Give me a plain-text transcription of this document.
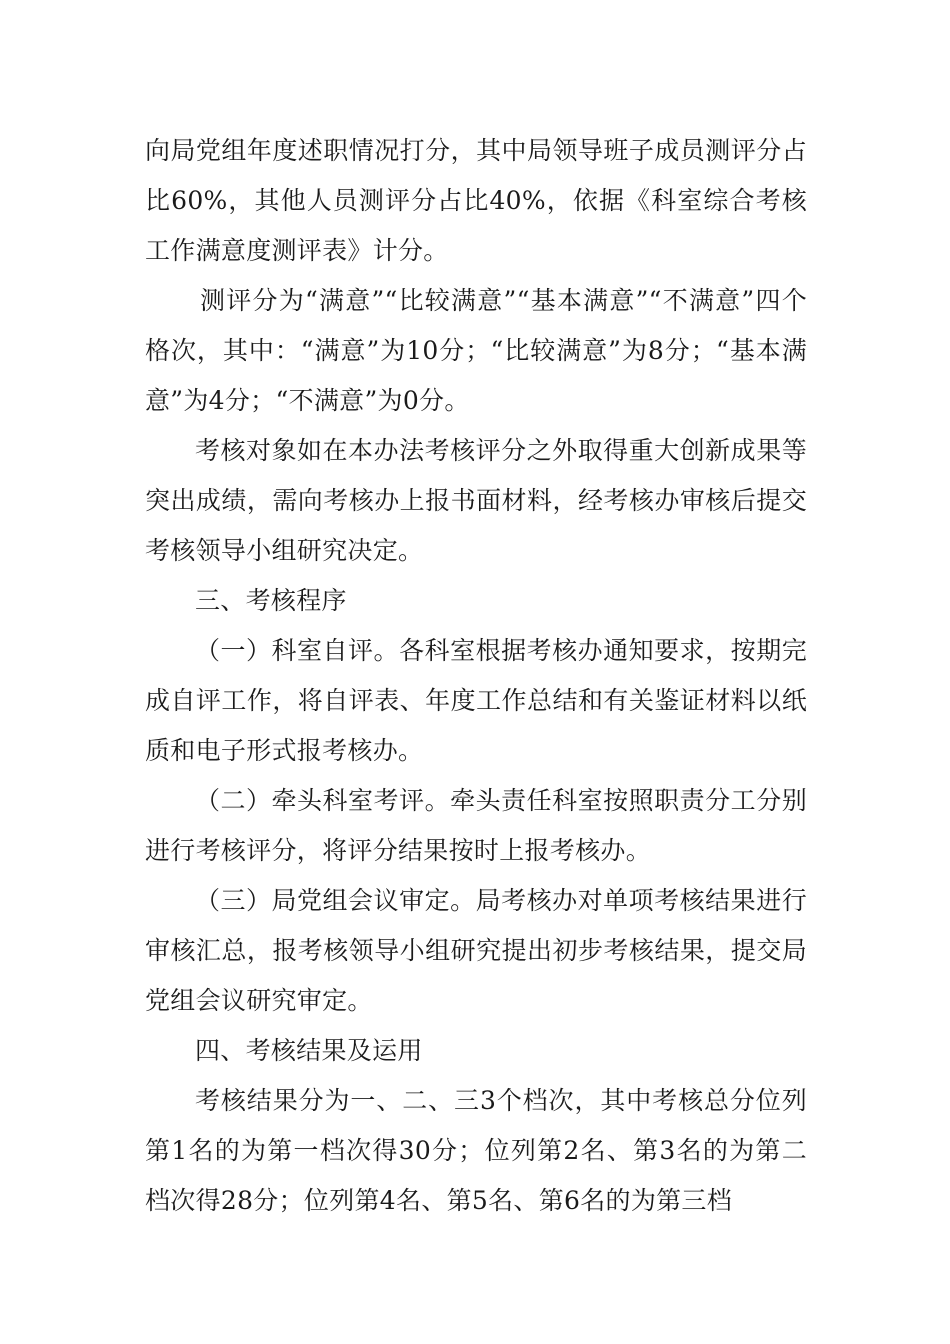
向局党组年度述职情况打分，其中局领导班子成员测评分占比60%，其他人员测评分占比40%，依据《科室综合考核工作满意度测评表》计分。

测评分为“满意”“比较满意”“基本满意”“不满意”四个格次，其中：“满意”为10分；“比较满意”为8分；“基本满意”为4分；“不满意”为0分。

考核对象如在本办法考核评分之外取得重大创新成果等突出成绩，需向考核办上报书面材料，经考核办审核后提交考核领导小组研究决定。

三、考核程序

（一）科室自评。各科室根据考核办通知要求，按期完成自评工作，将自评表、年度工作总结和有关鉴证材料以纸质和电子形式报考核办。

（二）牵头科室考评。牵头责任科室按照职责分工分别进行考核评分，将评分结果按时上报考核办。

（三）局党组会议审定。局考核办对单项考核结果进行审核汇总，报考核领导小组研究提出初步考核结果，提交局党组会议研究审定。

四、考核结果及运用

考核结果分为一、二、三3个档次，其中考核总分位列第1名的为第一档次得30分；位列第2名、第3名的为第二档次得28分；位列第4名、第5名、第6名的为第三档
